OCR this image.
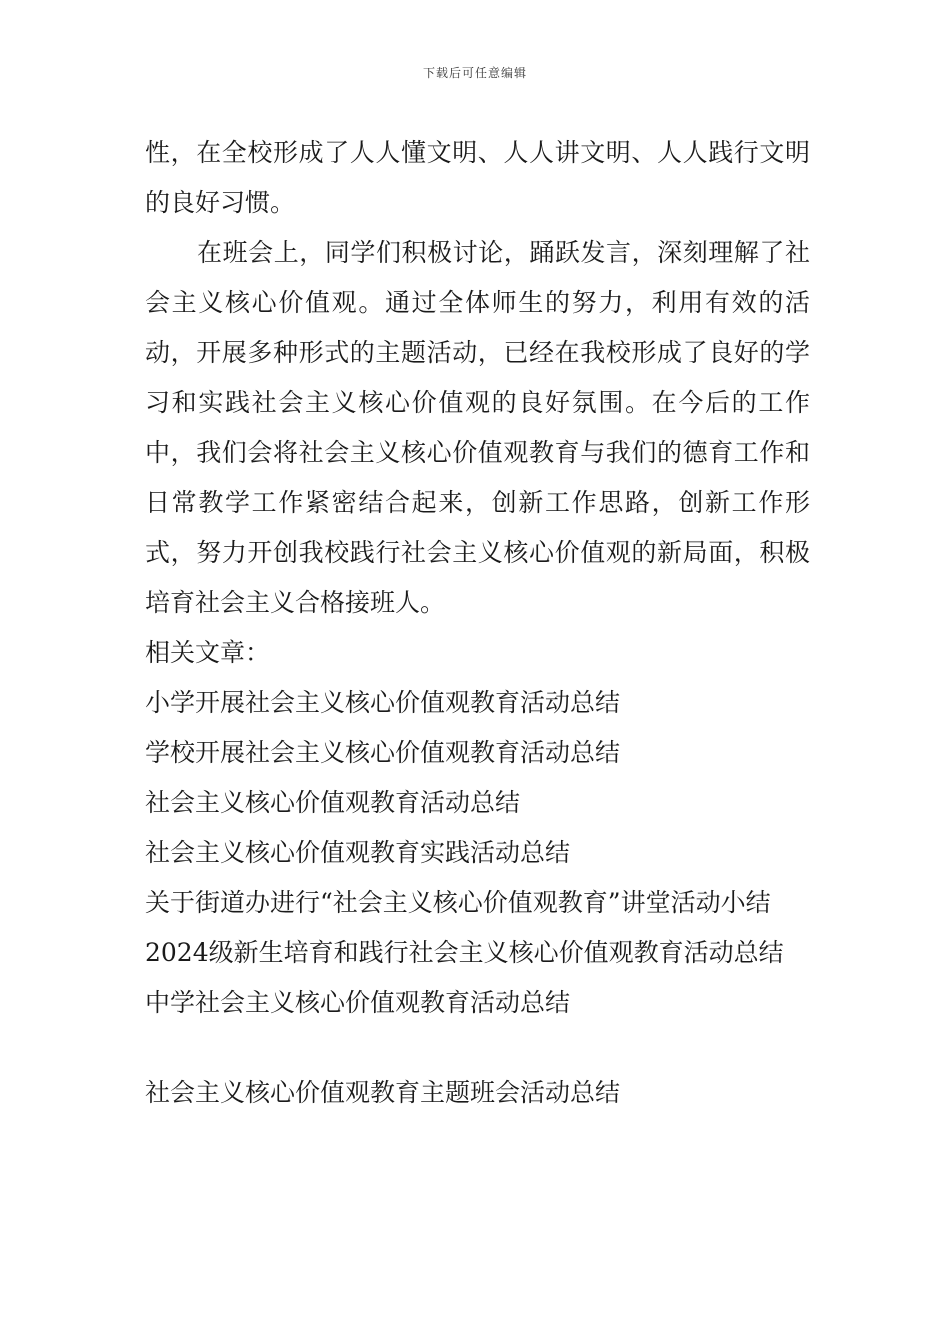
下载后可任意编辑

性，在全校形成了人人懂文明、人人讲文明、人人践行文明的良好习惯。

在班会上，同学们积极讨论，踊跃发言，深刻理解了社会主义核心价值观。通过全体师生的努力，利用有效的活动，开展多种形式的主题活动，已经在我校形成了良好的学习和实践社会主义核心价值观的良好氛围。在今后的工作中，我们会将社会主义核心价值观教育与我们的德育工作和日常教学工作紧密结合起来，创新工作思路，创新工作形式，努力开创我校践行社会主义核心价值观的新局面，积极培育社会主义合格接班人。

相关文章：

小学开展社会主义核心价值观教育活动总结
学校开展社会主义核心价值观教育活动总结
社会主义核心价值观教育活动总结
社会主义核心价值观教育实践活动总结
关于街道办进行“社会主义核心价值观教育”讲堂活动小结
2024级新生培育和践行社会主义核心价值观教育活动总结
中学社会主义核心价值观教育活动总结

社会主义核心价值观教育主题班会活动总结
